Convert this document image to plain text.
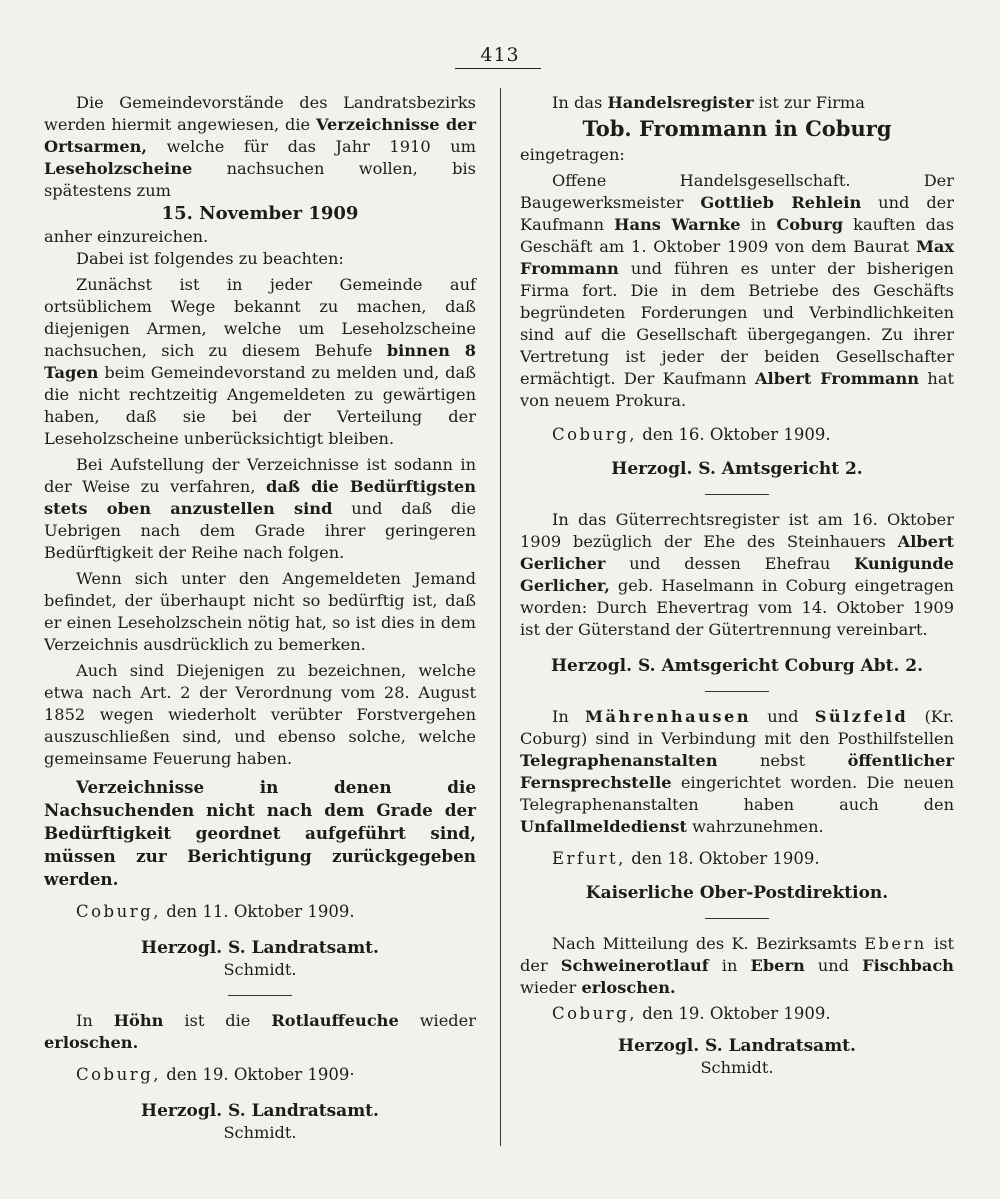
413

Die Gemeindevorstände des Landratsbezirks werden hiermit angewiesen, die Verzeichnisse der Ortsarmen, welche für das Jahr 1910 um Leseholzscheine nachsuchen wollen, bis spätestens zum

15. November 1909

anher einzureichen.

Dabei ist folgendes zu beachten:

Zunächst ist in jeder Gemeinde auf ortsüblichem Wege bekannt zu machen, daß diejenigen Armen, welche um Leseholzscheine nachsuchen, sich zu diesem Behufe binnen 8 Tagen beim Gemeindevorstand zu melden und, daß die nicht rechtzeitig Angemeldeten zu gewärtigen haben, daß sie bei der Verteilung der Leseholzscheine unberücksichtigt bleiben.

Bei Aufstellung der Verzeichnisse ist sodann in der Weise zu verfahren, daß die Bedürftigsten stets oben anzustellen sind und daß die Uebrigen nach dem Grade ihrer geringeren Bedürftigkeit der Reihe nach folgen.

Wenn sich unter den Angemeldeten Jemand befindet, der überhaupt nicht so bedürftig ist, daß er einen Leseholzschein nötig hat, so ist dies in dem Verzeichnis ausdrücklich zu bemerken.

Auch sind Diejenigen zu bezeichnen, welche etwa nach Art. 2 der Verordnung vom 28. August 1852 wegen wiederholt verübter Forstvergehen auszuschließen sind, und ebenso solche, welche gemeinsame Feuerung haben.

Verzeichnisse in denen die Nachsuchenden nicht nach dem Grade der Bedürftigkeit geordnet aufgeführt sind, müssen zur Berichtigung zurückgegeben werden.

Coburg, den 11. Oktober 1909.

Herzogl. S. Landratsamt.

Schmidt.

In Höhn ist die Rotlauffeuche wieder erloschen.

Coburg, den 19. Oktober 1909·

Herzogl. S. Landratsamt.

Schmidt.

In das Handelsregister ist zur Firma

Tob. Frommann in Coburg

eingetragen:

Offene Handelsgesellschaft. Der Baugewerksmeister Gottlieb Rehlein und der Kaufmann Hans Warnke in Coburg kauften das Geschäft am 1. Oktober 1909 von dem Baurat Max Frommann und führen es unter der bisherigen Firma fort. Die in dem Betriebe des Geschäfts begründeten Forderungen und Verbindlichkeiten sind auf die Gesellschaft übergegangen. Zu ihrer Vertretung ist jeder der beiden Gesellschafter ermächtigt. Der Kaufmann Albert Frommann hat von neuem Prokura.

Coburg, den 16. Oktober 1909.

Herzogl. S. Amtsgericht 2.

In das Güterrechtsregister ist am 16. Oktober 1909 bezüglich der Ehe des Steinhauers Albert Gerlicher und dessen Ehefrau Kunigunde Gerlicher, geb. Haselmann in Coburg eingetragen worden: Durch Ehevertrag vom 14. Oktober 1909 ist der Güterstand der Gütertrennung vereinbart.

Herzogl. S. Amtsgericht Coburg Abt. 2.

In Mährenhausen und Sülzfeld (Kr. Coburg) sind in Verbindung mit den Posthilfstellen Telegraphenanstalten	nebst	öffentlicher Fernsprechstelle eingerichtet worden. Die neuen Telegraphenanstalten haben auch den Unfallmeldedienst wahrzunehmen.

Erfurt, den 18. Oktober 1909.

Kaiserliche Ober-Postdirektion.

Nach Mitteilung des K. Bezirksamts Ebern ist der Schweinerotlauf in Ebern und Fischbach wieder erloschen.

Coburg, den 19. Oktober 1909.

Herzogl. S. Landratsamt.

Schmidt.
